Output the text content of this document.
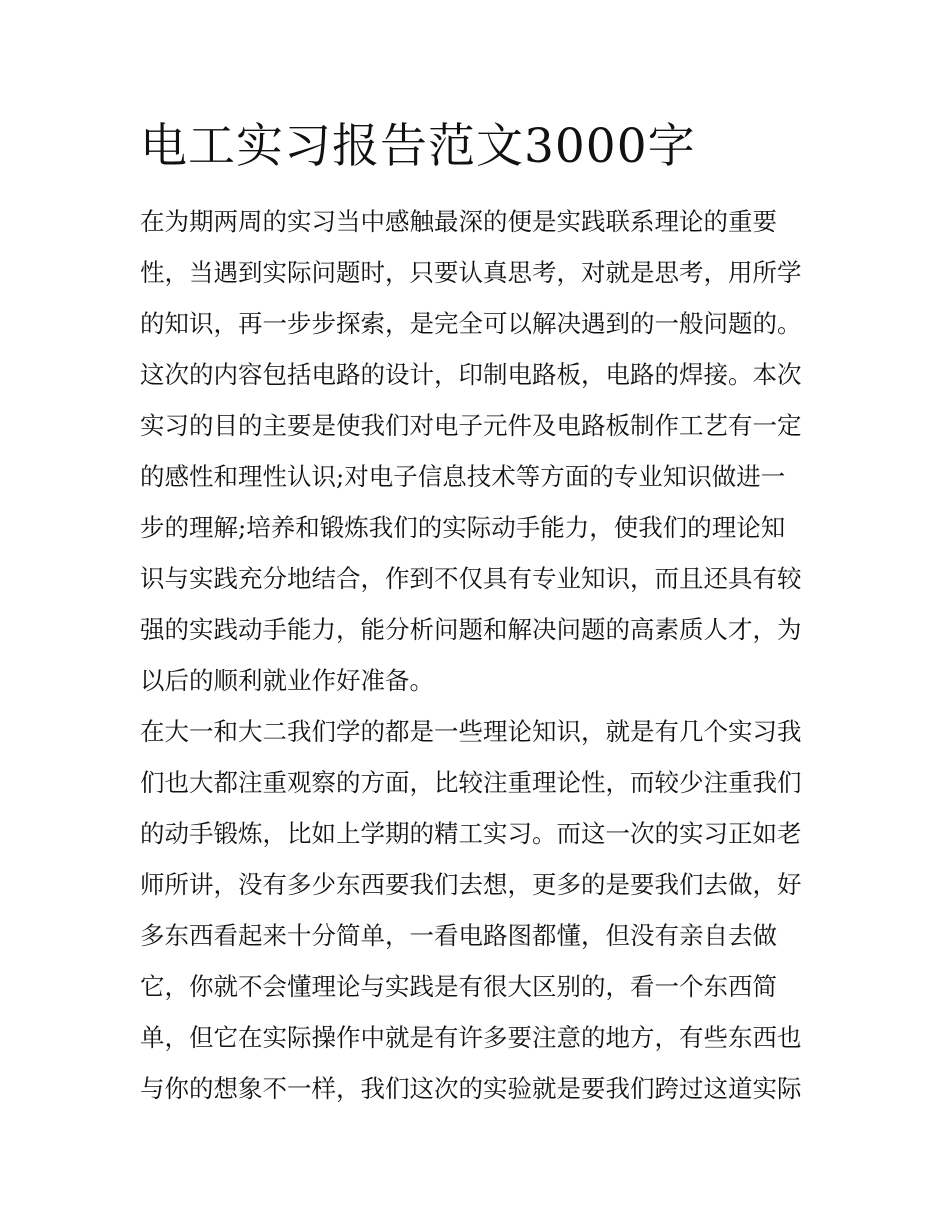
电工实习报告范文3000字
在为期两周的实习当中感触最深的便是实践联系理论的重要
性，当遇到实际问题时，只要认真思考，对就是思考，用所学
的知识，再一步步探索，是完全可以解决遇到的一般问题的。
这次的内容包括电路的设计，印制电路板，电路的焊接。本次
实习的目的主要是使我们对电子元件及电路板制作工艺有一定
的感性和理性认识;对电子信息技术等方面的专业知识做进一
步的理解;培养和锻炼我们的实际动手能力，使我们的理论知
识与实践充分地结合，作到不仅具有专业知识，而且还具有较
强的实践动手能力，能分析问题和解决问题的高素质人才，为
以后的顺利就业作好准备。
在大一和大二我们学的都是一些理论知识，就是有几个实习我
们也大都注重观察的方面，比较注重理论性，而较少注重我们
的动手锻炼，比如上学期的精工实习。而这一次的实习正如老
师所讲，没有多少东西要我们去想，更多的是要我们去做，好
多东西看起来十分简单，一看电路图都懂，但没有亲自去做
它，你就不会懂理论与实践是有很大区别的，看一个东西简
单，但它在实际操作中就是有许多要注意的地方，有些东西也
与你的想象不一样，我们这次的实验就是要我们跨过这道实际
